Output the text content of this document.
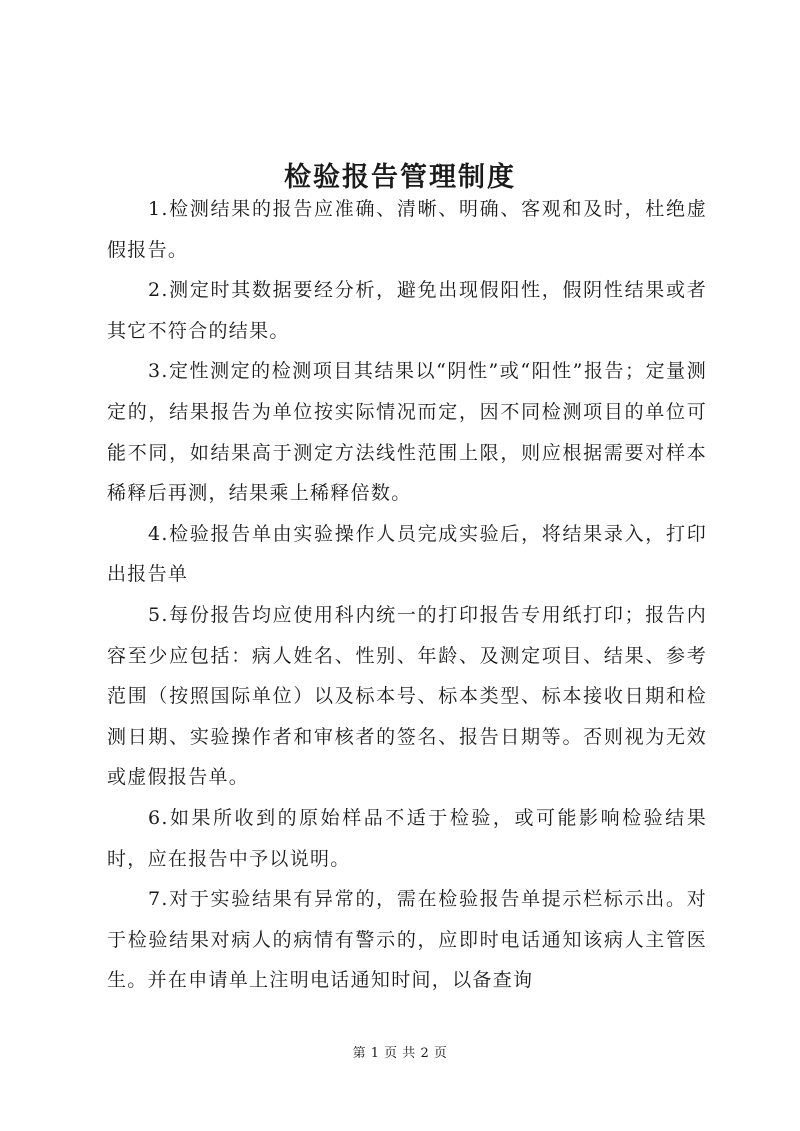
检验报告管理制度

1.检测结果的报告应准确、清晰、明确、客观和及时，杜绝虚假报告。

2.测定时其数据要经分析，避免出现假阳性，假阴性结果或者其它不符合的结果。

3.定性测定的检测项目其结果以“阴性”或“阳性”报告；定量测定的，结果报告为单位按实际情况而定，因不同检测项目的单位可能不同，如结果高于测定方法线性范围上限，则应根据需要对样本稀释后再测，结果乘上稀释倍数。

4.检验报告单由实验操作人员完成实验后，将结果录入，打印出报告单

5.每份报告均应使用科内统一的打印报告专用纸打印；报告内容至少应包括：病人姓名、性别、年龄、及测定项目、结果、参考范围（按照国际单位）以及标本号、标本类型、标本接收日期和检测日期、实验操作者和审核者的签名、报告日期等。否则视为无效或虚假报告单。

6.如果所收到的原始样品不适于检验，或可能影响检验结果时，应在报告中予以说明。

7.对于实验结果有异常的，需在检验报告单提示栏标示出。对于检验结果对病人的病情有警示的，应即时电话通知该病人主管医生。并在申请单上注明电话通知时间，以备查询

第 1 页 共 2 页
